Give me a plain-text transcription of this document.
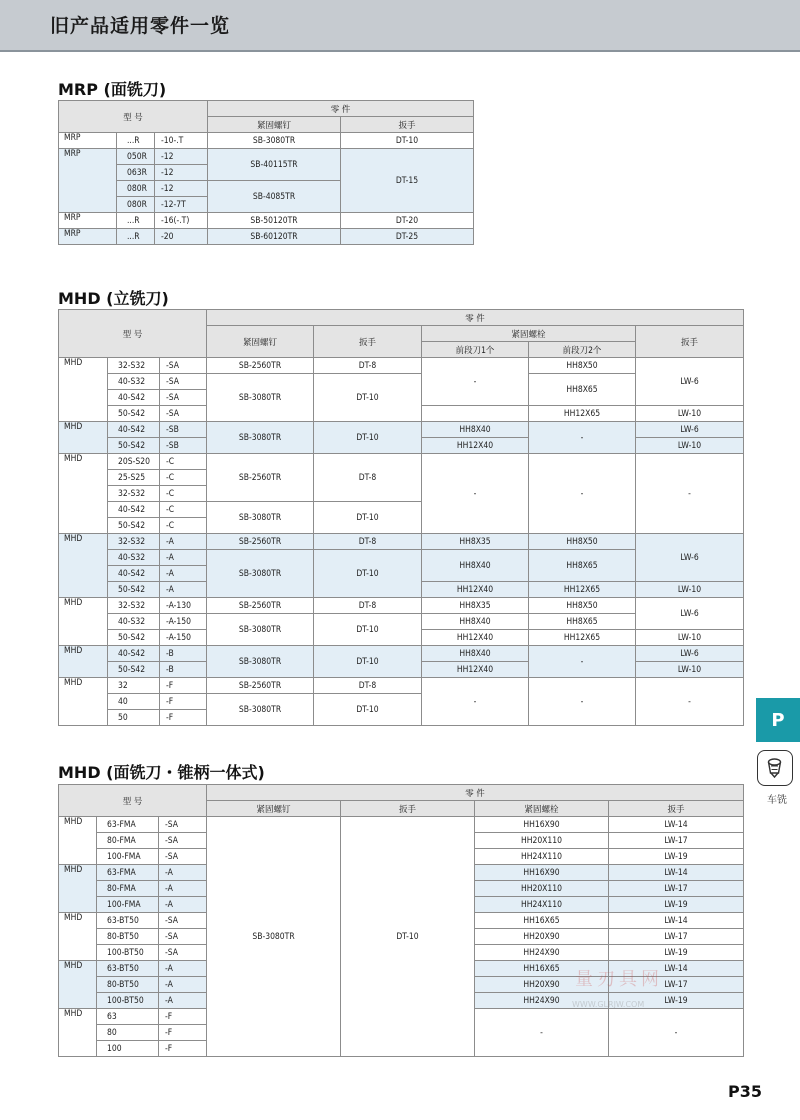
旧产品适用零件一览
MRP (面铣刀)
型 号			零 件	
			紧固螺钉	扳手
MRP	...R	-10-.T	SB-3080TR	DT-10
MRP	050R	-12	SB-40115TR	DT-15
	063R	-12		
	080R	-12	SB-4085TR	
	080R	-12-7T		
MRP	...R	-16(-.T)	SB-50120TR	DT-20
MRP	...R	-20	SB-60120TR	DT-25
MHD (立铣刀)
型 号			零 件				
			紧固螺钉	扳手	紧固螺栓		扳手
					前段刀1个	前段刀2个	
MHD	32-S32	-SA	SB-2560TR	DT-8	-	HH8X50	LW-6
	40-S32	-SA	SB-3080TR	DT-10		HH8X65	
	40-S42	-SA					
	50-S42	-SA				HH12X65	LW-10
MHD	40-S42	-SB	SB-3080TR	DT-10	HH8X40	-	LW-6
	50-S42	-SB			HH12X40		LW-10
MHD	20S-S20	-C	SB-2560TR	DT-8	-	-	-
	25-S25	-C					
	32-S32	-C					
	40-S42	-C	SB-3080TR	DT-10			
	50-S42	-C					
MHD	32-S32	-A	SB-2560TR	DT-8	HH8X35	HH8X50	LW-6
	40-S32	-A	SB-3080TR	DT-10	HH8X40	HH8X65	
	40-S42	-A					
	50-S42	-A			HH12X40	HH12X65	LW-10
MHD	32-S32	-A-130	SB-2560TR	DT-8	HH8X35	HH8X50	LW-6
	40-S32	-A-150	SB-3080TR	DT-10	HH8X40	HH8X65	
	50-S42	-A-150			HH12X40	HH12X65	LW-10
MHD	40-S42	-B	SB-3080TR	DT-10	HH8X40	-	LW-6
	50-S42	-B			HH12X40		LW-10
MHD	32	-F	SB-2560TR	DT-8	-	-	-
	40	-F	SB-3080TR	DT-10			
	50	-F					
MHD (面铣刀・锥柄一体式)
型 号			零 件			
			紧固螺钉	扳手	紧固螺栓	扳手
MHD	63-FMA	-SA	SB-3080TR	DT-10	HH16X90	LW-14
	80-FMA	-SA			HH20X110	LW-17
	100-FMA	-SA			HH24X110	LW-19
MHD	63-FMA	-A			HH16X90	LW-14
	80-FMA	-A			HH20X110	LW-17
	100-FMA	-A			HH24X110	LW-19
MHD	63-BT50	-SA			HH16X65	LW-14
	80-BT50	-SA			HH20X90	LW-17
	100-BT50	-SA			HH24X90	LW-19
MHD	63-BT50	-A			HH16X65	LW-14
	80-BT50	-A			HH20X90	LW-17
	100-BT50	-A			HH24X90	LW-19
MHD	63	-F			-	-
	80	-F				
	100	-F				
P
车铣
量刃具网
WWW.GLRJW.COM
P35
